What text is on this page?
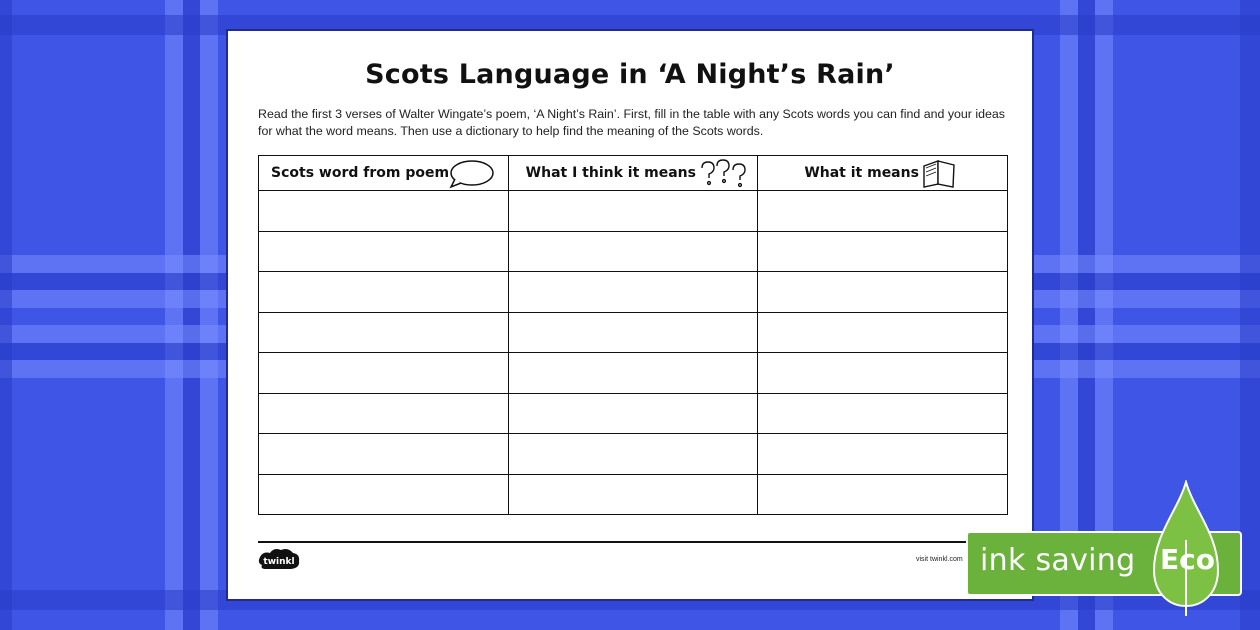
Scots Language in ‘A Night’s Rain’
Read the first 3 verses of Walter Wingate’s poem, ‘A Night’s Rain’. First, fill in the table with any Scots words you can find and your ideas for what the word means. Then use a dictionary to help find the meaning of the Scots words.
Scots word from poem	What I think it means	What it means

twinkl	visit twinkl.com ink saving Eco
